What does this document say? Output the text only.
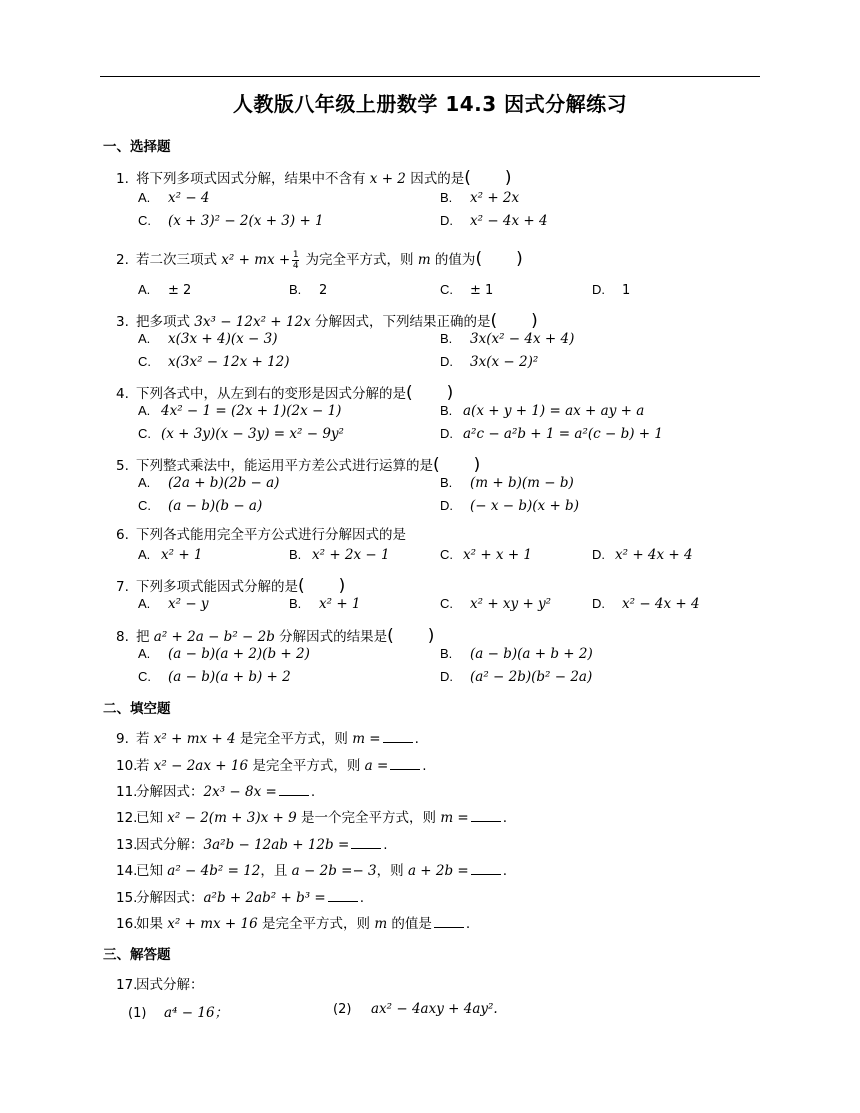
人教版八年级上册数学 14.3 因式分解练习
一、选择题
1. 将下列多项式因式分解，结果中不含有 x + 2 因式的是(　　)
A. x² − 4	B. x² + 2x
C. (x + 3)² − 2(x + 3) + 1	D. x² − 4x + 4
2. 若二次三项式 x² + mx + $\frac{1}{4}$ 为完全平方式，则 m 的值为(　　)
A. ± 2	B. 2	C. ± 1	D. 1
3. 把多项式 3x³ − 12x² + 12x 分解因式，下列结果正确的是(　　)
A. x(3x + 4)(x − 3)	B. 3x(x² − 4x + 4)
C. x(3x² − 12x + 12)	D. 3x(x − 2)²
4. 下列各式中，从左到右的变形是因式分解的是(　　)
A. 4x² − 1 = (2x + 1)(2x − 1)	B. a(x + y + 1) = ax + ay + a
C. (x + 3y)(x − 3y) = x² − 9y²	D. a²c − a²b + 1 = a²(c − b) + 1
5. 下列整式乘法中，能运用平方差公式进行运算的是(　　)
A. (2a + b)(2b − a)	B. (m + b)(m − b)
C. (a − b)(b − a)	D. (− x − b)(x + b)
6. 下列各式能用完全平方公式进行分解因式的是
A. x² + 1	B. x² + 2x − 1	C. x² + x + 1	D. x² + 4x + 4
7. 下列多项式能因式分解的是(　　)
A. x² − y	B. x² + 1	C. x² + xy + y²	D. x² − 4x + 4
8. 把 a² + 2a − b² − 2b 分解因式的结果是(　　)
A. (a − b)(a + 2)(b + 2)	B. (a − b)(a + b + 2)
C. (a − b)(a + b) + 2	D. (a² − 2b)(b² − 2a)
二、填空题
9. 若 x² + mx + 4 是完全平方式，则 m =	.
10.若 x² − 2ax + 16 是完全平方式，则 a =	.
11.分解因式：2x³ − 8x =	.
12.已知 x² − 2(m + 3)x + 9 是一个完全平方式，则 m =	.
13.因式分解：3a²b − 12ab + 12b =	.
14.已知 a² − 4b² = 12，且 a − 2b =− 3，则 a + 2b =	.
15.分解因式：a²b + 2ab² + b³ =	.
16.如果 x² + mx + 16 是完全平方式，则 m 的值是	.
三、解答题
17.因式分解：
(1) a⁴ − 16；	(2) ax² − 4axy + 4ay².
